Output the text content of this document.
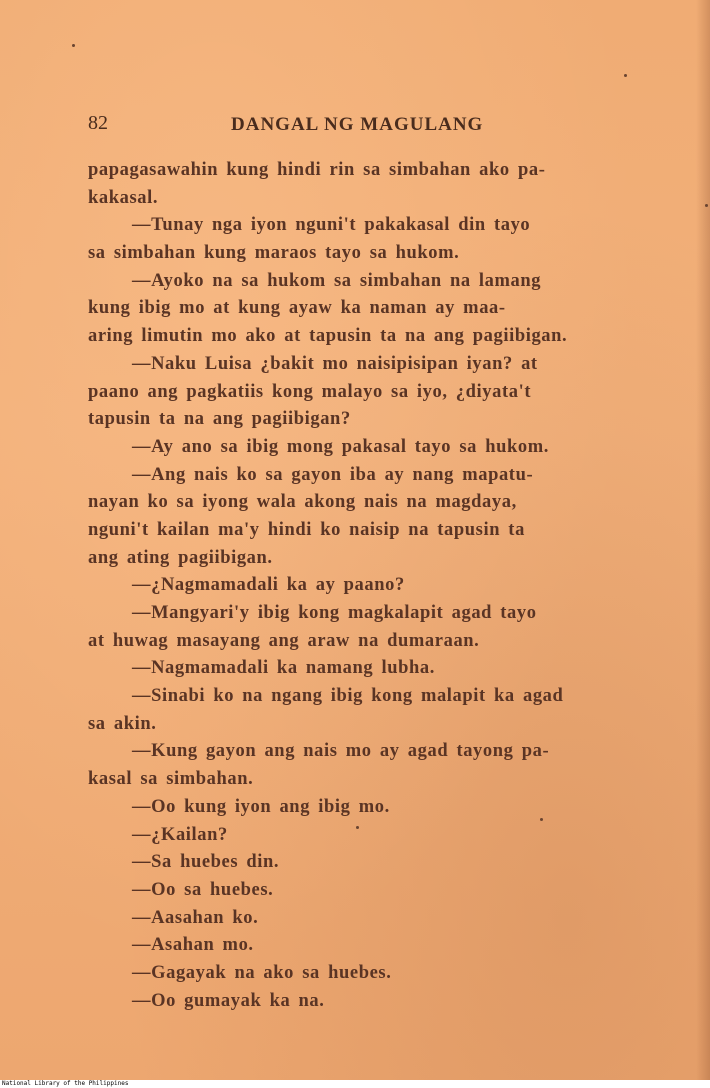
82	DANGAL NG MAGULANG
papagasawahin kung hindi rin sa simbahan ako pa-
kakasal.
—Tunay nga iyon nguni't pakakasal din tayo
sa simbahan kung maraos tayo sa hukom.
—Ayoko na sa hukom sa simbahan na lamang
kung ibig mo at kung ayaw ka naman ay maa-
aring limutin mo ako at tapusin ta na ang pagiibigan.
—Naku Luisa ¿bakit mo naisipisipan iyan? at
paano ang pagkatiis kong malayo sa iyo, ¿diyata't
tapusin ta na ang pagiibigan?
—Ay ano sa ibig mong pakasal tayo sa hukom.
—Ang nais ko sa gayon iba ay nang mapatu-
nayan ko sa iyong wala akong nais na magdaya,
nguni't kailan ma'y hindi ko naisip na tapusin ta
ang ating pagiibigan.
—¿Nagmamadali ka ay paano?
—Mangyari'y ibig kong magkalapit agad tayo
at huwag masayang ang araw na dumaraan.
—Nagmamadali ka namang lubha.
—Sinabi ko na ngang ibig kong malapit ka agad
sa akin.
—Kung gayon ang nais mo ay agad tayong pa-
kasal sa simbahan.
—Oo kung iyon ang ibig mo.
—¿Kailan?
—Sa huebes din.
—Oo sa huebes.
—Aasahan ko.
—Asahan mo.
—Gagayak na ako sa huebes.
—Oo gumayak ka na.
National Library of the Philippines
